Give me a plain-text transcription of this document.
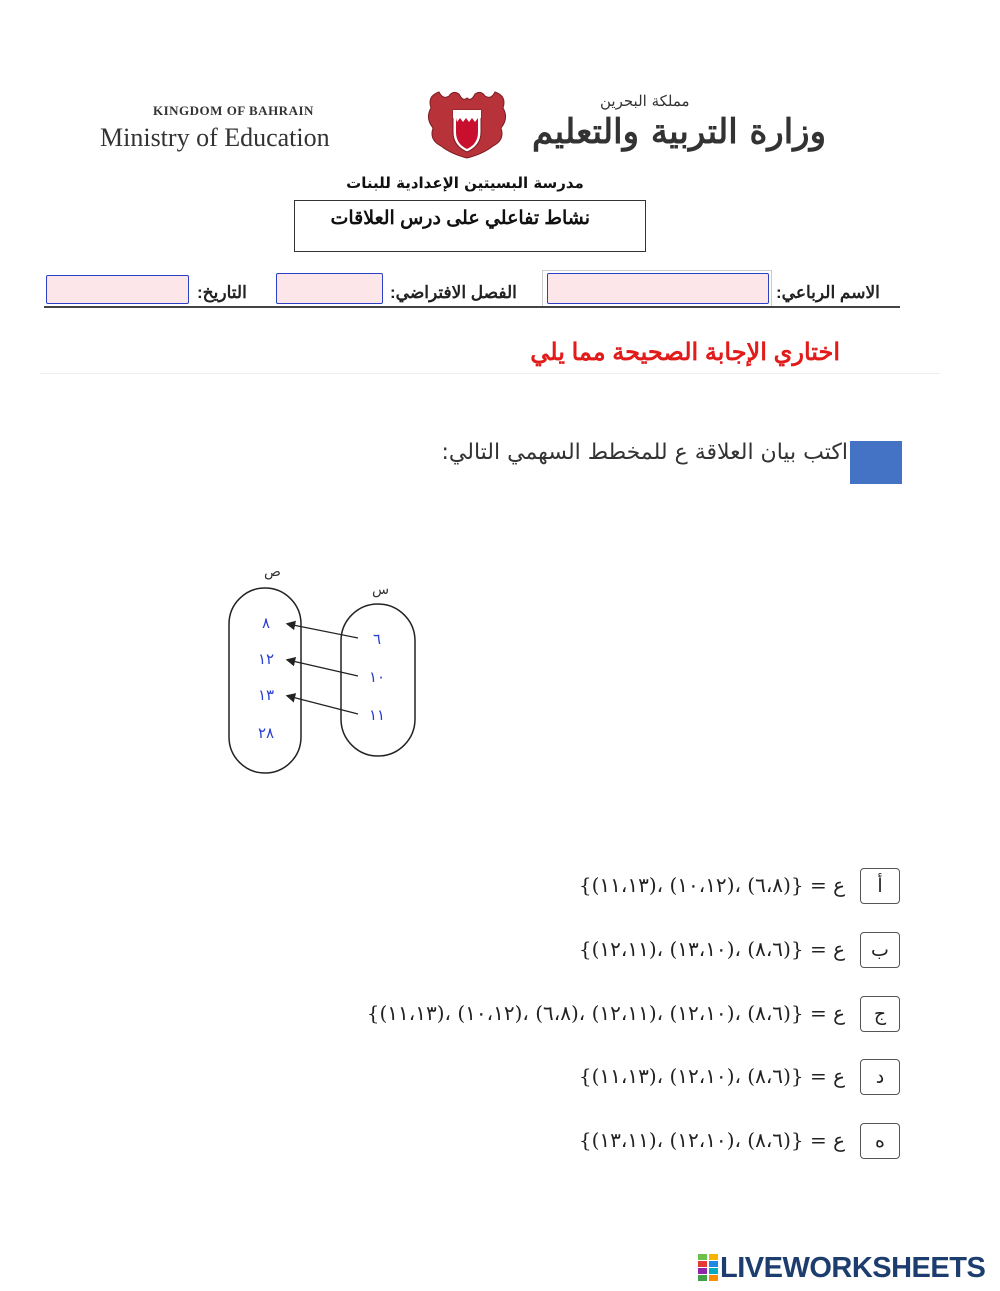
KINGDOM OF BAHRAIN
Ministry of Education
مملكة البحرين
وزارة التربية والتعليم
مدرسة البسيتين الإعدادية للبنات
نشاط تفاعلي على درس العلاقات
الاسم الرباعي:
الفصل الافتراضي:
التاريخ:
اختاري الإجابة الصحيحة مما يلي
اكتب بيان العلاقة ع للمخطط السهمي التالي:
ص
س
٨
١٢
١٣
٢٨
٦
١٠
١١
أ
{(١١،١٣)، (١٠،١٢)، (٦،٨)} = ع
ب
{(١٢،١١)، (١٣،١٠)، (٨،٦)} = ع
ج
{(١١،١٣)، (١٠،١٢)، (٦،٨)، (١٢،١١)، (١٢،١٠)، (٨،٦)} = ع
د
{(١١،١٣)، (١٢،١٠)، (٨،٦)} = ع
ه
{(١٣،١١)، (١٢،١٠)، (٨،٦)} = ع
LIVEWORKSHEETS
